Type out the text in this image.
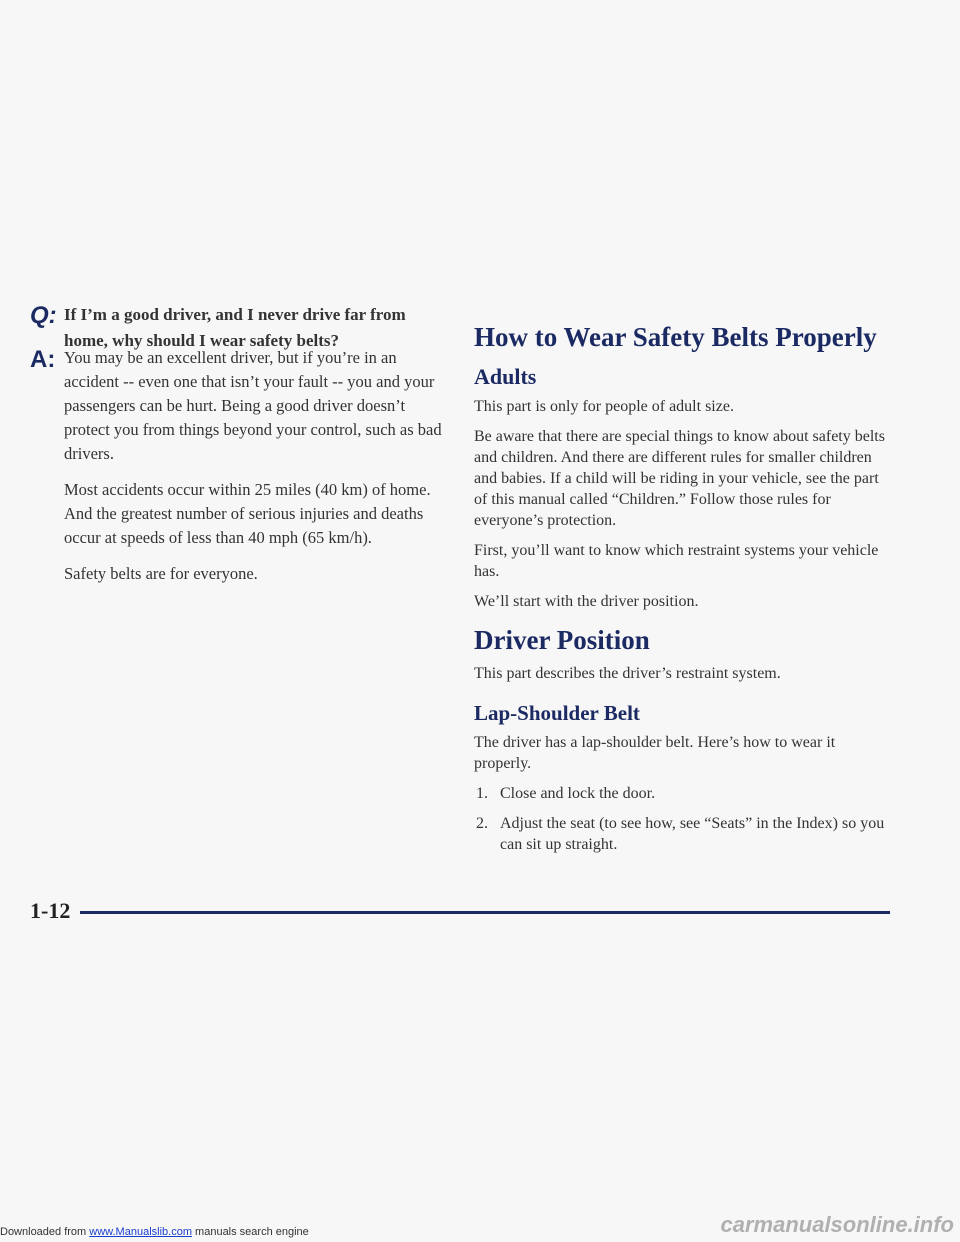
Q: If I’m a good driver, and I never drive far from home, why should I wear safety belts?
A: You may be an excellent driver, but if you’re in an accident -- even one that isn’t your fault -- you and your passengers can be hurt. Being a good driver doesn’t protect you from things beyond your control, such as bad drivers.

Most accidents occur within 25 miles (40 km) of home. And the greatest number of serious injuries and deaths occur at speeds of less than 40 mph (65 km/h).

Safety belts are for everyone.

How to Wear Safety Belts Properly
Adults

This part is only for people of adult size.

Be aware that there are special things to know about safety belts and children. And there are different rules for smaller children and babies. If a child will be riding in your vehicle, see the part of this manual called “Children.” Follow those rules for everyone’s protection.

First, you’ll want to know which restraint systems your vehicle has.

We’ll start with the driver position.

Driver Position

This part describes the driver’s restraint system.

Lap-Shoulder Belt

The driver has a lap-shoulder belt. Here’s how to wear it properly.

1. Close and lock the door.
2. Adjust the seat (to see how, see “Seats” in the Index) so you can sit up straight.
1-12
Downloaded from www.Manualslib.com manuals search engine	carmanualsonline.info
